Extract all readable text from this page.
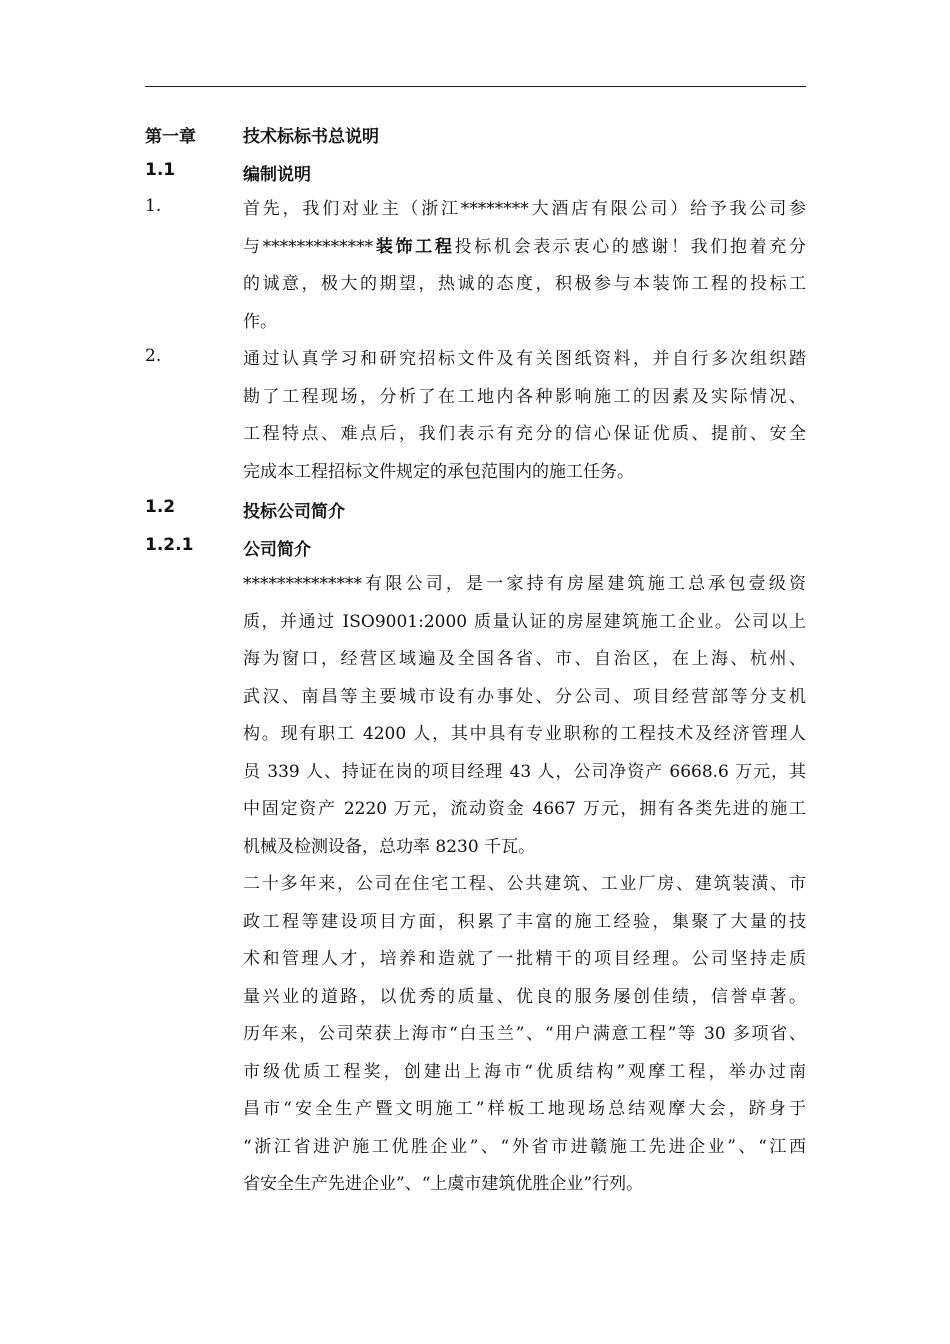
第一章	技术标标书总说明
1.1	编制说明
1.	首先，我们对业主（浙江********大酒店有限公司）给予我公司参
与*************装饰工程投标机会表示衷心的感谢！我们抱着充分
的诚意，极大的期望，热诚的态度，积极参与本装饰工程的投标工
作。
2.	通过认真学习和研究招标文件及有关图纸资料，并自行多次组织踏
勘了工程现场，分析了在工地内各种影响施工的因素及实际情况、
工程特点、难点后，我们表示有充分的信心保证优质、提前、安全
完成本工程招标文件规定的承包范围内的施工任务。
1.2	投标公司简介
1.2.1	公司简介
**************有限公司，是一家持有房屋建筑施工总承包壹级资
质，并通过 ISO9001:2000 质量认证的房屋建筑施工企业。公司以上
海为窗口，经营区域遍及全国各省、市、自治区，在上海、杭州、
武汉、南昌等主要城市设有办事处、分公司、项目经营部等分支机
构。现有职工 4200 人，其中具有专业职称的工程技术及经济管理人
员 339 人、持证在岗的项目经理 43 人，公司净资产 6668.6 万元，其
中固定资产 2220 万元，流动资金 4667 万元，拥有各类先进的施工
机械及检测设备，总功率 8230 千瓦。
二十多年来，公司在住宅工程、公共建筑、工业厂房、建筑装潢、市
政工程等建设项目方面，积累了丰富的施工经验，集聚了大量的技
术和管理人才，培养和造就了一批精干的项目经理。公司坚持走质
量兴业的道路，以优秀的质量、优良的服务屡创佳绩，信誉卓著。
历年来，公司荣获上海市“白玉兰”、“用户满意工程”等 30 多项省、
市级优质工程奖，创建出上海市“优质结构”观摩工程，举办过南
昌市“安全生产暨文明施工”样板工地现场总结观摩大会，跻身于
“浙江省进沪施工优胜企业”、“外省市进赣施工先进企业”、“江西
省安全生产先进企业”、“上虞市建筑优胜企业”行列。
